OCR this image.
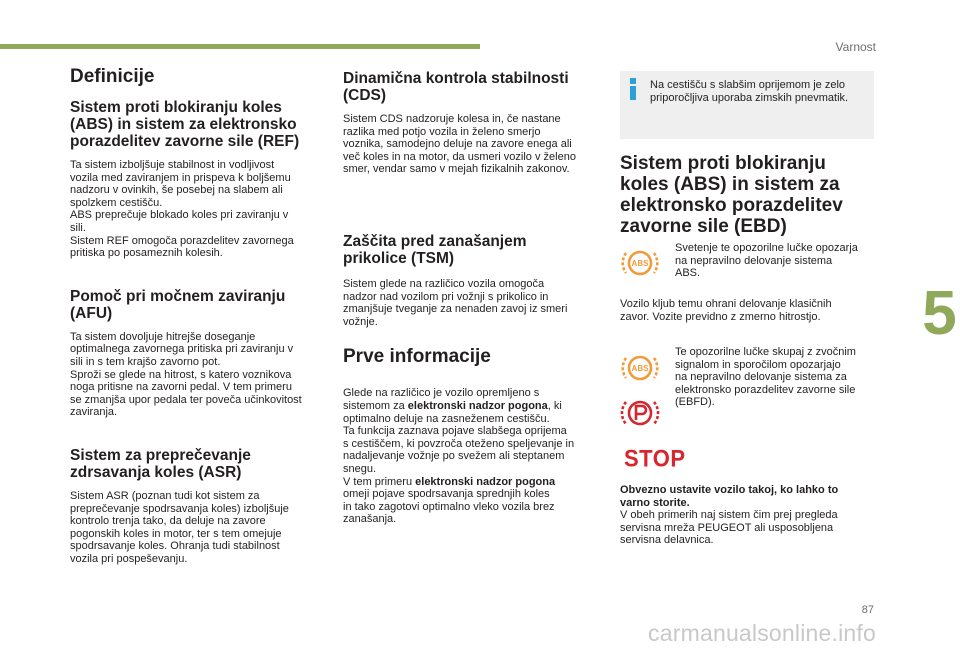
Varnost
5
Definicije
Sistem proti blokiranju koles
(ABS) in sistem za elektronsko
porazdelitev zavorne sile (REF)

Ta sistem izboljšuje stabilnost in vodljivost
vozila med zaviranjem in prispeva k boljšemu
nadzoru v ovinkih, še posebej na slabem ali
spolzkem cestišču.
ABS preprečuje blokado koles pri zaviranju v
sili.
Sistem REF omogoča porazdelitev zavornega
pritiska po posameznih kolesih.

Pomoč pri močnem zaviranju
(AFU)

Ta sistem dovoljuje hitrejše doseganje
optimalnega zavornega pritiska pri zaviranju v
sili in s tem krajšo zavorno pot.
Sproži se glede na hitrost, s katero voznikova
noga pritisne na zavorni pedal. V tem primeru
se zmanjša upor pedala ter poveča učinkovitost
zaviranja.

Sistem za preprečevanje
zdrsavanja koles (ASR)

Sistem ASR (poznan tudi kot sistem za
preprečevanje spodrsavanja koles) izboljšuje
kontrolo trenja tako, da deluje na zavore
pogonskih koles in motor, ter s tem omejuje
spodrsavanje koles. Ohranja tudi stabilnost
vozila pri pospeševanju.

Dinamična kontrola stabilnosti
(CDS)

Sistem CDS nadzoruje kolesa in, če nastane
razlika med potjo vozila in želeno smerjo
voznika, samodejno deluje na zavore enega ali
več koles in na motor, da usmeri vozilo v želeno
smer, vendar samo v mejah fizikalnih zakonov.

Zaščita pred zanašanjem
prikolice (TSM)

Sistem glede na različico vozila omogoča
nadzor nad vozilom pri vožnji s prikolico in
zmanjšuje tveganje za nenaden zavoj iz smeri
vožnje.

Prve informacije

Glede na različico je vozilo opremljeno s
sistemom za elektronski nadzor pogona, ki
optimalno deluje na zasneženem cestišču.
Ta funkcija zaznava pojave slabšega oprijema
s cestiščem, ki povzroča oteženo speljevanje in
nadaljevanje vožnje po svežem ali steptanem
snegu.
V tem primeru elektronski nadzor pogona
omeji pojave spodrsavanja sprednjih koles
in tako zagotovi optimalno vleko vozila brez
zanašanja.

Na cestišču s slabšim oprijemom je zelo
priporočljiva uporaba zimskih pnevmatik.
Sistem proti blokiranju
koles (ABS) in sistem za
elektronsko porazdelitev
zavorne sile (EBD)
ABS

Svetenje te opozorilne lučke opozarja
na nepravilno delovanje sistema
ABS.

Vozilo kljub temu ohrani delovanje klasičnih
zavor. Vozite previdno z zmerno hitrostjo.

ABS

Te opozorilne lučke skupaj z zvočnim
signalom in sporočilom opozarjajo
na nepravilno delovanje sistema za
elektronsko porazdelitev zavorne sile
(EBFD).

STOP

Obvezno ustavite vozilo takoj, ko lahko to
varno storite.

V obeh primerih naj sistem čim prej pregleda
servisna mreža PEUGEOT ali usposobljena
servisna delavnica.

87
carmanualsonline.info
